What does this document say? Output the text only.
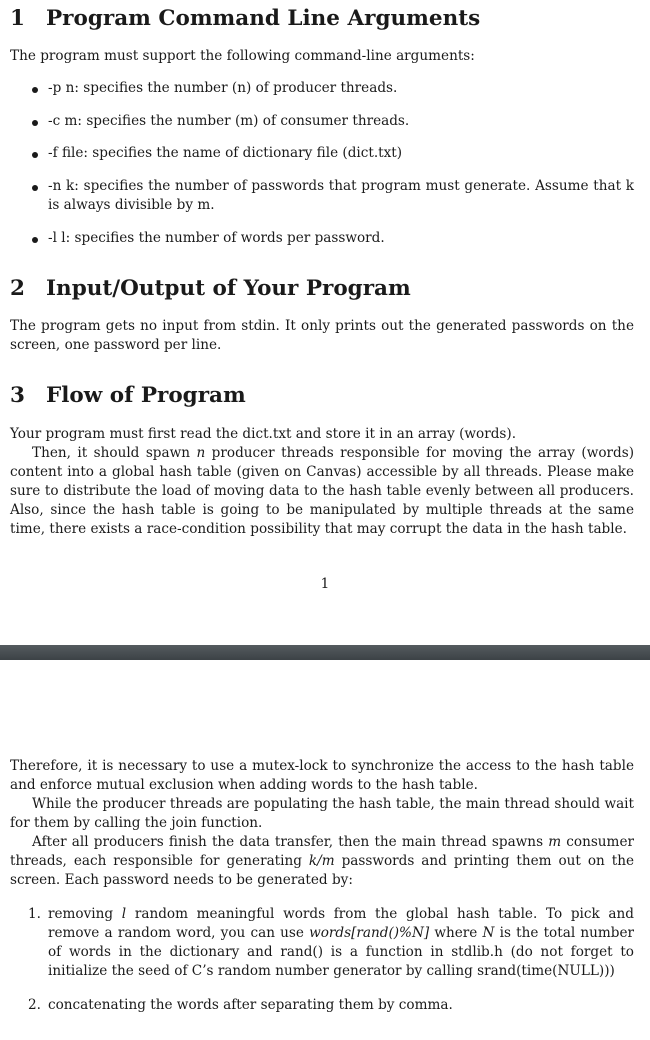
1 Program Command Line Arguments

The program must support the following command-line arguments:

-p n: specifies the number (n) of producer threads.

-c m: specifies the number (m) of consumer threads.

-f file: specifies the name of dictionary file (dict.txt)

-n k: specifies the number of passwords that program must generate. Assume that k is always divisible by m.

-l l: specifies the number of words per password.

2 Input/Output of Your Program

The program gets no input from stdin. It only prints out the generated passwords on the screen, one password per line.

3 Flow of Program

Your program must first read the dict.txt and store it in an array (words).

Then, it should spawn n producer threads responsible for moving the array (words) content into a global hash table (given on Canvas) accessible by all threads. Please make sure to distribute the load of moving data to the hash table evenly between all producers. Also, since the hash table is going to be manipulated by multiple threads at the same time, there exists a race-condition possibility that may corrupt the data in the hash table.

1

Therefore, it is necessary to use a mutex-lock to synchronize the access to the hash table and enforce mutual exclusion when adding words to the hash table.

While the producer threads are populating the hash table, the main thread should wait for them by calling the join function.

After all producers finish the data transfer, then the main thread spawns m consumer threads, each responsible for generating k/m passwords and printing them out on the screen. Each password needs to be generated by:

1. removing l random meaningful words from the global hash table. To pick and remove a random word, you can use words[rand()%N] where N is the total number of words in the dictionary and rand() is a function in stdlib.h (do not forget to initialize the seed of C’s random number generator by calling srand(time(NULL)))

2. concatenating the words after separating them by comma.
